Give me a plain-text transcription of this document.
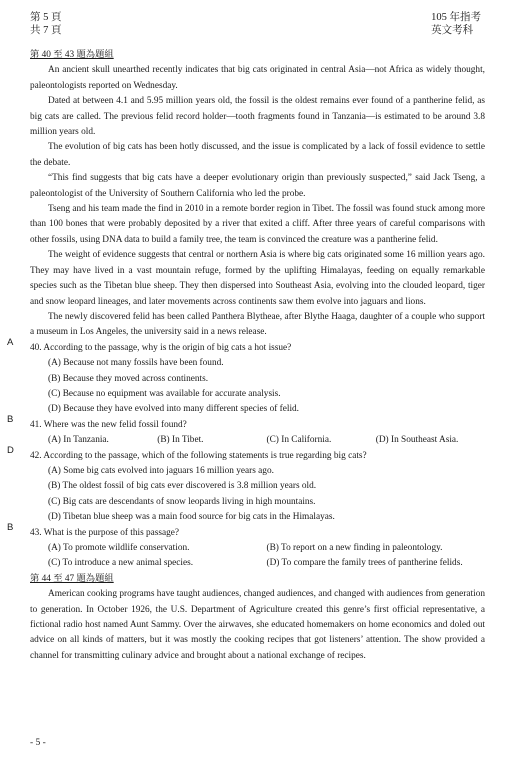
第 5 頁
共 7 頁
105 年指考
英文考科

第 40 至 43 題為題組

An ancient skull unearthed recently indicates that big cats originated in central Asia—not Africa as widely thought, paleontologists reported on Wednesday.

Dated at between 4.1 and 5.95 million years old, the fossil is the oldest remains ever found of a pantherine felid, as big cats are called. The previous felid record holder—tooth fragments found in Tanzania—is estimated to be around 3.8 million years old.

The evolution of big cats has been hotly discussed, and the issue is complicated by a lack of fossil evidence to settle the debate.

“This find suggests that big cats have a deeper evolutionary origin than previously suspected,” said Jack Tseng, a paleontologist of the University of Southern California who led the probe.

Tseng and his team made the find in 2010 in a remote border region in Tibet. The fossil was found stuck among more than 100 bones that were probably deposited by a river that exited a cliff. After three years of careful comparisons with other fossils, using DNA data to build a family tree, the team is convinced the creature was a pantherine felid.

The weight of evidence suggests that central or northern Asia is where big cats originated some 16 million years ago. They may have lived in a vast mountain refuge, formed by the uplifting Himalayas, feeding on equally remarkable species such as the Tibetan blue sheep. They then dispersed into Southeast Asia, evolving into the clouded leopard, tiger and snow leopard lineages, and later movements across continents saw them evolve into jaguars and lions.

The newly discovered felid has been called Panthera Blytheae, after Blythe Haaga, daughter of a couple who support a museum in Los Angeles, the university said in a news release.

A 40. According to the passage, why is the origin of big cats a hot issue?

(A) Because not many fossils have been found.

(B) Because they moved across continents.

(C) Because no equipment was available for accurate analysis.

(D) Because they have evolved into many different species of felid.

B 41. Where was the new felid fossil found?

(A) In Tanzania.	(B) In Tibet.	(C) In California.	(D) In Southeast Asia.
D 42. According to the passage, which of the following statements is true regarding big cats?

(A) Some big cats evolved into jaguars 16 million years ago.

(B) The oldest fossil of big cats ever discovered is 3.8 million years old.

(C) Big cats are descendants of snow leopards living in high mountains.

(D) Tibetan blue sheep was a main food source for big cats in the Himalayas.

B 43. What is the purpose of this passage?

(A) To promote wildlife conservation.	(B) To report on a new finding in paleontology.
(C) To introduce a new animal species.	(D) To compare the family trees of pantherine felids.

第 44 至 47 題為題組

American cooking programs have taught audiences, changed audiences, and changed with audiences from generation to generation. In October 1926, the U.S. Department of Agriculture created this genre’s first official representative, a fictional radio host named Aunt Sammy. Over the airwaves, she educated homemakers on home economics and doled out advice on all kinds of matters, but it was mostly the cooking recipes that got listeners’ attention. The show provided a channel for transmitting culinary advice and brought about a national exchange of recipes.

- 5 -
